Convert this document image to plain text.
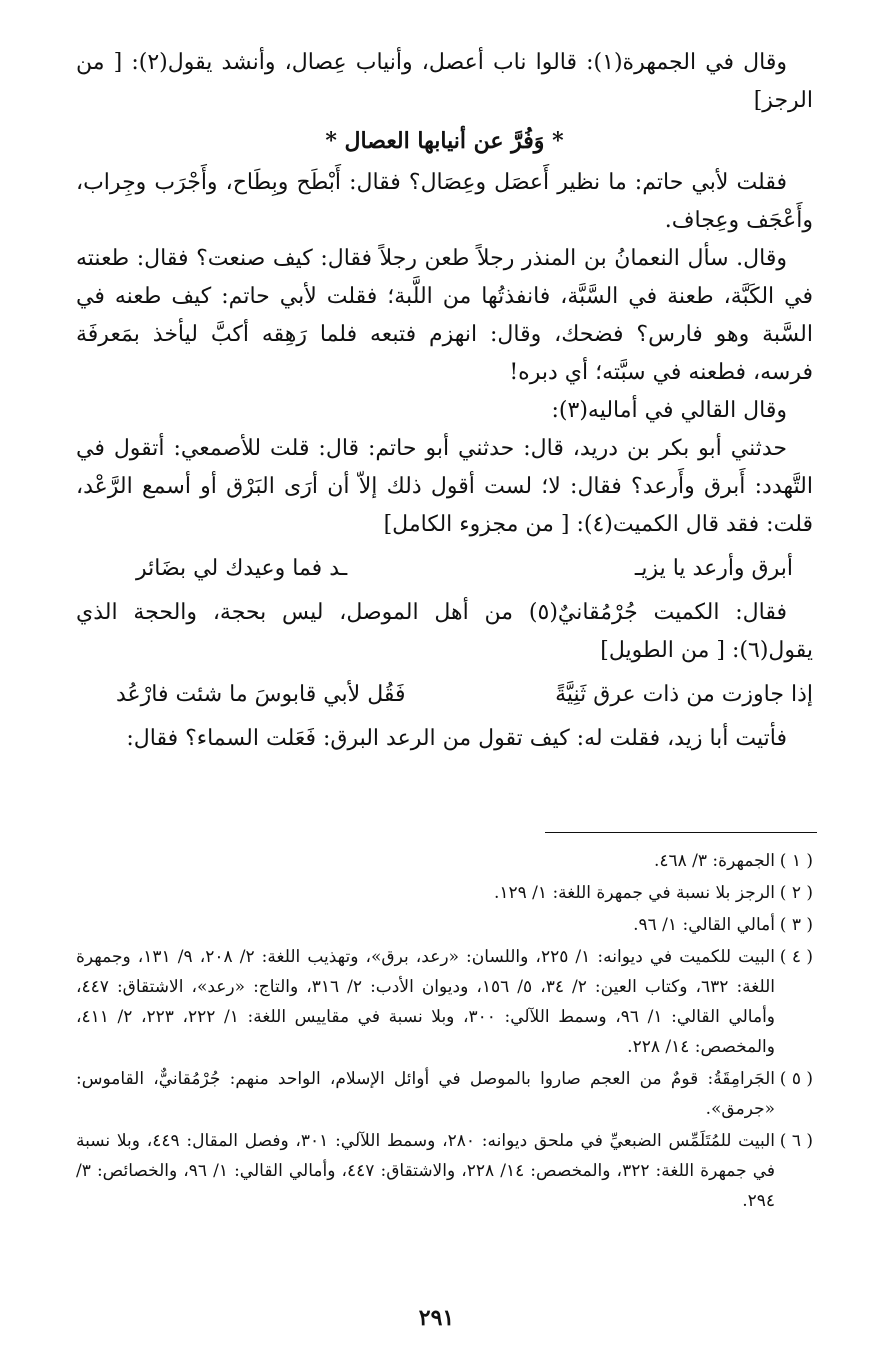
وقال في الجمهرة(١): قالوا ناب أعصل، وأنياب عِصال، وأنشد يقول(٢): [ من الرجز]

* وَفُرَّ عن أنيابها العصال *

فقلت لأبي حاتم: ما نظير أَعصَل وعِصَال؟ فقال: أَبْطَح وبِطَاح، وأَجْرَب وجِراب، وأَعْجَف وعِجاف.

وقال. سأل النعمانُ بن المنذر رجلاً طعن رجلاً فقال: كيف صنعت؟ فقال: طعنته في الكَبَّة، طعنة في السَّبَّة، فانفذتُها من اللَّبة؛ فقلت لأبي حاتم: كيف طعنه في السَّبة وهو فارس؟ فضحك، وقال: انهزم فتبعه فلما رَهِقه أكبَّ ليأخذ بمَعرفَة فرسه، فطعنه في سبَّته؛ أي دبره!

وقال القالي في أماليه(٣):

حدثني أبو بكر بن دريد، قال: حدثني أبو حاتم: قال: قلت للأصمعي: أتقول في التَّهدد: أَبرق وأَرعد؟ فقال: لا؛ لست أقول ذلك إلاّ أن أرَى البَرْق أو أسمع الرَّعْد، قلت: فقد قال الكميت(٤): [ من مجزوء الكامل]

أبرق وأرعد يا يزيـ
ـد فما وعيدك لي بضَائر

فقال: الكميت جُرْمُقانيٌ(٥) من أهل الموصل، ليس بحجة، والحجة الذي يقول(٦): [ من الطويل]

إذا جاوزت من ذات عرق ثَنِيَّةً
فَقُل لأبي قابوسَ ما شئت فارْعُد

فأتيت أبا زيد، فقلت له: كيف تقول من الرعد البرق: فَعَلت السماء؟ فقال:

( ١ )
الجمهرة: ٣/ ٤٦٨.
( ٢ )
الرجز بلا نسبة في جمهرة اللغة: ١/ ١٢٩.
( ٣ )
أمالي القالي: ١/ ٩٦.
( ٤ )
البيت للكميت في ديوانه: ١/ ٢٢٥، واللسان: «رعد، برق»، وتهذيب اللغة: ٢/ ٢٠٨، ٩/ ١٣١، وجمهرة اللغة: ٦٣٢، وكتاب العين: ٢/ ٣٤، ٥/ ١٥٦، وديوان الأدب: ٢/ ٣١٦، والتاج: «رعد»، الاشتقاق: ٤٤٧، وأمالي القالي: ١/ ٩٦، وسمط اللآلي: ٣٠٠، وبلا نسبة في مقاييس اللغة: ١/ ٢٢٢، ٢٢٣، ٢/ ٤١١، والمخصص: ١٤/ ٢٢٨.
( ٥ )
الجَرامِقَةُ: قومٌ من العجم صاروا بالموصل في أوائل الإسلام، الواحد منهم: جُرْمُقانيٌّ، القاموس: «جرمق».
( ٦ )
البيت للمُتَلَمِّس الضبعيِّ في ملحق ديوانه: ٢٨٠، وسمط اللآلي: ٣٠١، وفصل المقال: ٤٤٩، وبلا نسبة في جمهرة اللغة: ٣٢٢، والمخصص: ١٤/ ٢٢٨، والاشتقاق: ٤٤٧، وأمالي القالي: ١/ ٩٦، والخصائص: ٣/ ٢٩٤.
٢٩١
